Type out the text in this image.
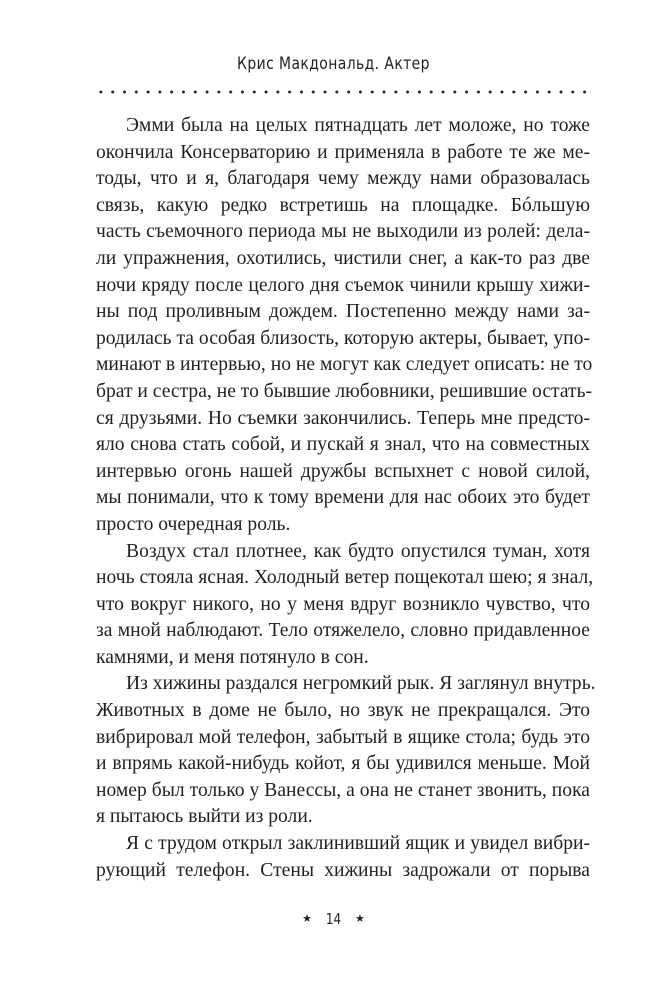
Крис Макдональд. Актер

Эмми была на целых пятнадцать лет моложе, но тоже
окончила Консерваторию и применяла в работе те же ме-
тоды, что и я, благодаря чему между нами образовалась
связь, какую редко встретишь на площадке. Бóльшую
часть съемочного периода мы не выходили из ролей: дела-
ли упражнения, охотились, чистили снег, а как-то раз две
ночи кряду после целого дня съемок чинили крышу хижи-
ны под проливным дождем. Постепенно между нами за-
родилась та особая близость, которую актеры, бывает, упо-
минают в интервью, но не могут как следует описать: не то
брат и сестра, не то бывшие любовники, решившие остать-
ся друзьями. Но съемки закончились. Теперь мне предсто-
яло снова стать собой, и пускай я знал, что на совместных
интервью огонь нашей дружбы вспыхнет с новой силой,
мы понимали, что к тому времени для нас обоих это будет
просто очередная роль.

Воздух стал плотнее, как будто опустился туман, хотя
ночь стояла ясная. Холодный ветер пощекотал шею; я знал,
что вокруг никого, но у меня вдруг возникло чувство, что
за мной наблюдают. Тело отяжелело, словно придавленное
камнями, и меня потянуло в сон.

Из хижины раздался негромкий рык. Я заглянул внутрь.
Животных в доме не было, но звук не прекращался. Это
вибрировал мой телефон, забытый в ящике стола; будь это
и впрямь какой-нибудь койот, я бы удивился меньше. Мой
номер был только у Ванессы, а она не станет звонить, пока
я пытаюсь выйти из роли.

Я с трудом открыл заклинивший ящик и увидел вибри-
рующий телефон. Стены хижины задрожали от порыва

★ 14 ★
